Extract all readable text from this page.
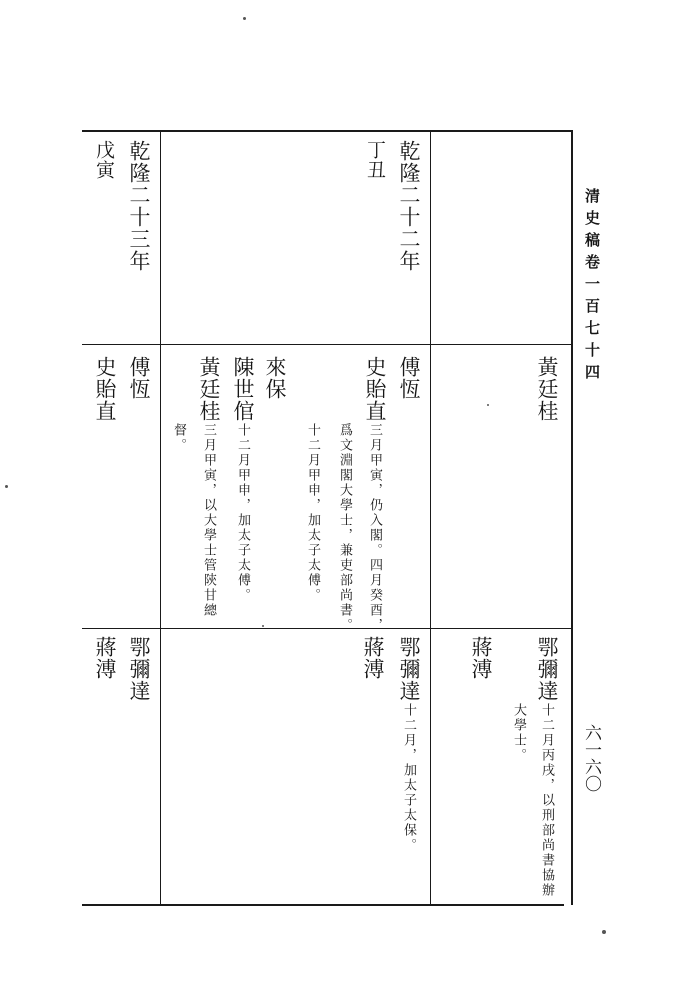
清史稿卷一百七十四
六一六〇
黃廷桂
鄂彌達
十二月丙戌，以刑部尚書協辦
大學士。
蔣溥
乾隆二十二年
丁丑
傅恆
史貽直
三月甲寅，仍入閣。四月癸酉，
爲文淵閣大學士，兼吏部尚書。
十二月甲申，加太子太傅。
來保
陳世倌
十二月甲申，加太子太傅。
黃廷桂
三月甲寅，以大學士管陝甘總
督。
鄂彌達
十二月，加太子太保。
蔣溥
乾隆二十三年
戊寅
傅恆
史貽直
鄂彌達
蔣溥
